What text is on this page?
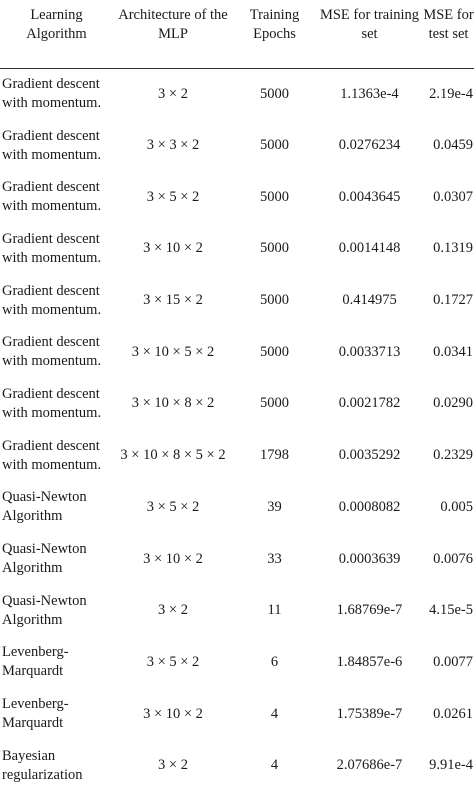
Learning Algorithm	Architecture of the MLP	Training Epochs	MSE for training set	MSE for test set
Gradient descent with momentum.	3 × 2	5000	1.1363e-4	2.19e-4
Gradient descent with momentum.	3 × 3 × 2	5000	0.0276234	0.0459
Gradient descent with momentum.	3 × 5 × 2	5000	0.0043645	0.0307
Gradient descent with momentum.	3 × 10 × 2	5000	0.0014148	0.1319
Gradient descent with momentum.	3 × 15 × 2	5000	0.414975	0.1727
Gradient descent with momentum.	3 × 10 × 5 × 2	5000	0.0033713	0.0341
Gradient descent with momentum.	3 × 10 × 8 × 2	5000	0.0021782	0.0290
Gradient descent with momentum.	3 × 10 × 8 × 5 × 2	1798	0.0035292	0.2329
Quasi-Newton Algorithm	3 × 5 × 2	39	0.0008082	0.005
Quasi-Newton Algorithm	3 × 10 × 2	33	0.0003639	0.0076
Quasi-Newton Algorithm	3 × 2	11	1.68769e-7	4.15e-5
Levenberg-Marquardt	3 × 5 × 2	6	1.84857e-6	0.0077
Levenberg-Marquardt	3 × 10 × 2	4	1.75389e-7	0.0261
Bayesian regularization	3 × 2	4	2.07686e-7	9.91e-4
